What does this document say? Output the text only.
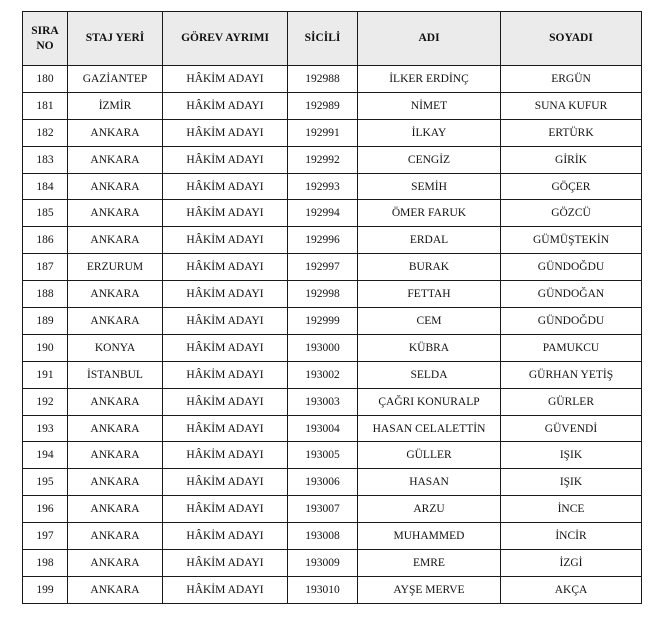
SIRA
NO	STAJ YERİ	GÖREV AYRIMI	SİCİLİ	ADI	SOYADI
180	GAZİANTEP	HÂKİM ADAYI	192988	İLKER ERDİNÇ	ERGÜN
181	İZMİR	HÂKİM ADAYI	192989	NİMET	SUNA KUFUR
182	ANKARA	HÂKİM ADAYI	192991	İLKAY	ERTÜRK
183	ANKARA	HÂKİM ADAYI	192992	CENGİZ	GİRİK
184	ANKARA	HÂKİM ADAYI	192993	SEMİH	GÖÇER
185	ANKARA	HÂKİM ADAYI	192994	ÖMER FARUK	GÖZCÜ
186	ANKARA	HÂKİM ADAYI	192996	ERDAL	GÜMÜŞTEKİN
187	ERZURUM	HÂKİM ADAYI	192997	BURAK	GÜNDOĞDU
188	ANKARA	HÂKİM ADAYI	192998	FETTAH	GÜNDOĞAN
189	ANKARA	HÂKİM ADAYI	192999	CEM	GÜNDOĞDU
190	KONYA	HÂKİM ADAYI	193000	KÜBRA	PAMUKCU
191	İSTANBUL	HÂKİM ADAYI	193002	SELDA	GÜRHAN YETİŞ
192	ANKARA	HÂKİM ADAYI	193003	ÇAĞRI KONURALP	GÜRLER
193	ANKARA	HÂKİM ADAYI	193004	HASAN CELALETTİN	GÜVENDİ
194	ANKARA	HÂKİM ADAYI	193005	GÜLLER	IŞIK
195	ANKARA	HÂKİM ADAYI	193006	HASAN	IŞIK
196	ANKARA	HÂKİM ADAYI	193007	ARZU	İNCE
197	ANKARA	HÂKİM ADAYI	193008	MUHAMMED	İNCİR
198	ANKARA	HÂKİM ADAYI	193009	EMRE	İZGİ
199	ANKARA	HÂKİM ADAYI	193010	AYŞE MERVE	AKÇA
